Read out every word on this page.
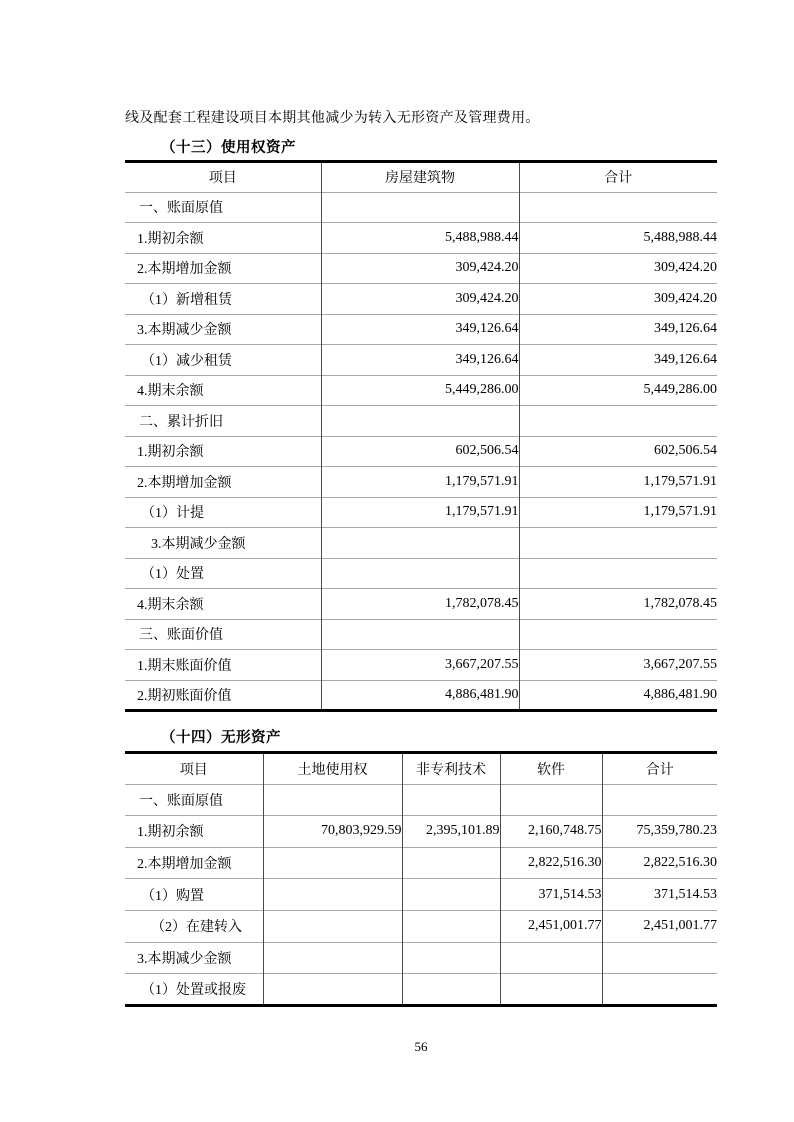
线及配套工程建设项目本期其他减少为转入无形资产及管理费用。

（十三）使用权资产
项目	房屋建筑物	合计
一、账面原值		
1.期初余额	5,488,988.44	5,488,988.44
2.本期增加金额	309,424.20	309,424.20
（1）新增租赁	309,424.20	309,424.20
3.本期减少金额	349,126.64	349,126.64
（1）减少租赁	349,126.64	349,126.64
4.期末余额	5,449,286.00	5,449,286.00
二、累计折旧		
1.期初余额	602,506.54	602,506.54
2.本期增加金额	1,179,571.91	1,179,571.91
（1）计提	1,179,571.91	1,179,571.91
3.本期减少金额		
（1）处置		
4.期末余额	1,782,078.45	1,782,078.45
三、账面价值		
1.期末账面价值	3,667,207.55	3,667,207.55
2.期初账面价值	4,886,481.90	4,886,481.90
（十四）无形资产
项目	土地使用权	非专利技术	软件	合计
一、账面原值				
1.期初余额	70,803,929.59	2,395,101.89	2,160,748.75	75,359,780.23
2.本期增加金额			2,822,516.30	2,822,516.30
（1）购置			371,514.53	371,514.53
（2）在建转入			2,451,001.77	2,451,001.77
3.本期减少金额				
（1）处置或报废				
56
